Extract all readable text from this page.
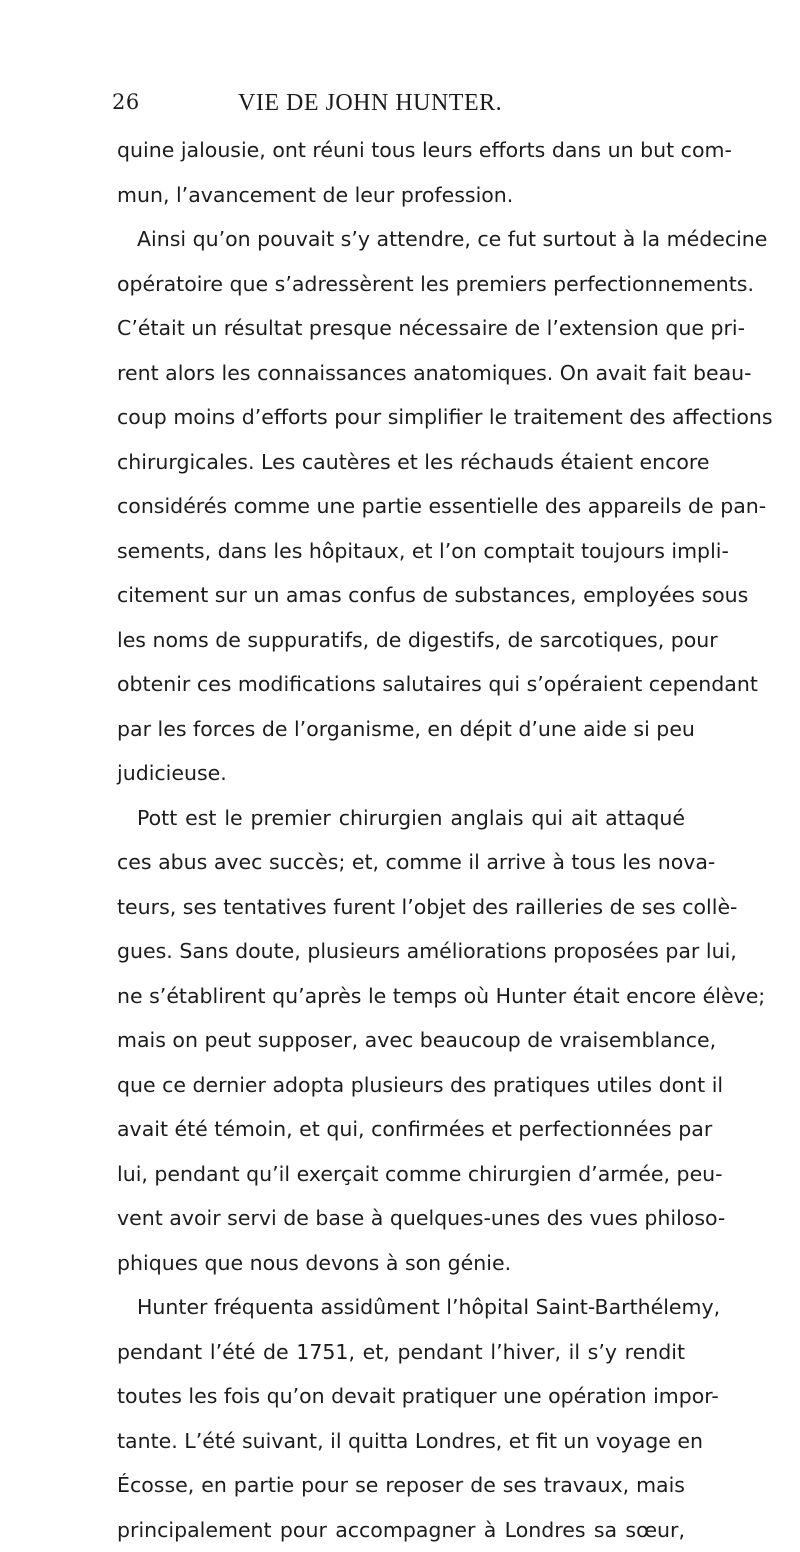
26	VIE DE JOHN HUNTER.
quine jalousie, ont réuni tous leurs efforts dans un but com-
mun, l’avancement de leur profession.
Ainsi qu’on pouvait s’y attendre, ce fut surtout à la médecine
opératoire que s’adressèrent les premiers perfectionnements.
C’était un résultat presque nécessaire de l’extension que pri-
rent alors les connaissances anatomiques. On avait fait beau-
coup moins d’efforts pour simplifier le traitement des affections
chirurgicales. Les cautères et les réchauds étaient encore
considérés comme une partie essentielle des appareils de pan-
sements, dans les hôpitaux, et l’on comptait toujours impli-
citement sur un amas confus de substances, employées sous
les noms de suppuratifs, de digestifs, de sarcotiques, pour
obtenir ces modifications salutaires qui s’opéraient cependant
par les forces de l’organisme, en dépit d’une aide si peu
judicieuse.
Pott est le premier chirurgien anglais qui ait attaqué
ces abus avec succès; et, comme il arrive à tous les nova-
teurs, ses tentatives furent l’objet des railleries de ses collè-
gues. Sans doute, plusieurs améliorations proposées par lui,
ne s’établirent qu’après le temps où Hunter était encore élève;
mais on peut supposer, avec beaucoup de vraisemblance,
que ce dernier adopta plusieurs des pratiques utiles dont il
avait été témoin, et qui, confirmées et perfectionnées par
lui, pendant qu’il exerçait comme chirurgien d’armée, peu-
vent avoir servi de base à quelques-unes des vues philoso-
phiques que nous devons à son génie.
Hunter fréquenta assidûment l’hôpital Saint-Barthélemy,
pendant l’été de 1751, et, pendant l’hiver, il s’y rendit
toutes les fois qu’on devait pratiquer une opération impor-
tante. L’été suivant, il quitta Londres, et fit un voyage en
Écosse, en partie pour se reposer de ses travaux, mais
principalement pour accompagner à Londres sa sœur,
